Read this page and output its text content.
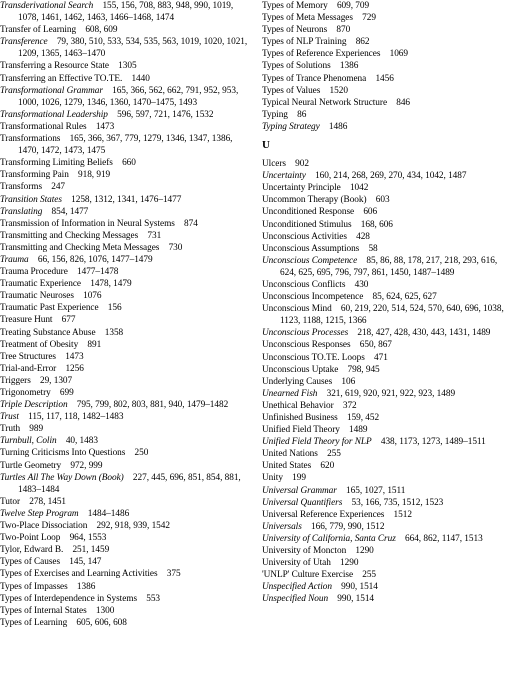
Transderivational Search   155, 156, 708, 883, 948, 990, 1019, 1078, 1461, 1462, 1463, 1466–1468, 1474
Transfer of Learning   608, 609
Transference   79, 380, 510, 533, 534, 535, 563, 1019, 1020, 1021, 1209, 1365, 1463–1470
Transferring a Resource State   1305
Transferring an Effective TO.TE.   1440
Transformational Grammar   165, 366, 562, 662, 791, 952, 953, 1000, 1026, 1279, 1346, 1360, 1470–1475, 1493
Transformational Leadership   596, 597, 721, 1476, 1532
Transformational Rules   1473
Transformations   165, 366, 367, 779, 1279, 1346, 1347, 1386, 1470, 1472, 1473, 1475
Transforming Limiting Beliefs   660
Transforming Pain   918, 919
Transforms   247
Transition States   1258, 1312, 1341, 1476–1477
Translating   854, 1477
Transmission of Information in Neural Systems   874
Transmitting and Checking Messages   731
Transmitting and Checking Meta Messages   730
Trauma   66, 156, 826, 1076, 1477–1479
Trauma Procedure   1477–1478
Traumatic Experience   1478, 1479
Traumatic Neuroses   1076
Traumatic Past Experience   156
Treasure Hunt   677
Treating Substance Abuse   1358
Treatment of Obesity   891
Tree Structures   1473
Trial-and-Error   1256
Triggers   29, 1307
Trigonometry   699
Triple Description   795, 799, 802, 803, 881, 940, 1479–1482
Trust   115, 117, 118, 1482–1483
Truth   989
Turnbull, Colin   40, 1483
Turning Criticisms Into Questions   250
Turtle Geometry   972, 999
Turtles All The Way Down (Book)   227, 445, 696, 851, 854, 881, 1483–1484
Tutor   278, 1451
Twelve Step Program   1484–1486
Two-Place Dissociation   292, 918, 939, 1542
Two-Point Loop   964, 1553
Tylor, Edward B.   251, 1459
Types of Causes   145, 147
Types of Exercises and Learning Activities   375
Types of Impasses   1386
Types of Interdependence in Systems   553
Types of Internal States   1300
Types of Learning   605, 606, 608
Types of Memory   609, 709
Types of Meta Messages   729
Types of Neurons   870
Types of NLP Training   862
Types of Reference Experiences   1069
Types of Solutions   1386
Types of Trance Phenomena   1456
Types of Values   1520
Typical Neural Network Structure   846
Typing   86
Typing Strategy   1486
U
Ulcers   902
Uncertainty   160, 214, 268, 269, 270, 434, 1042, 1487
Uncertainty Principle   1042
Uncommon Therapy (Book)   603
Unconditioned Response   606
Unconditioned Stimulus   168, 606
Unconscious Activities   428
Unconscious Assumptions   58
Unconscious Competence   85, 86, 88, 178, 217, 218, 293, 616, 624, 625, 695, 796, 797, 861, 1450, 1487–1489
Unconscious Conflicts   430
Unconscious Incompetence   85, 624, 625, 627
Unconscious Mind   60, 219, 220, 514, 524, 570, 640, 696, 1038, 1123, 1188, 1215, 1366
Unconscious Processes   218, 427, 428, 430, 443, 1431, 1489
Unconscious Responses   650, 867
Unconscious TO.TE. Loops   471
Unconscious Uptake   798, 945
Underlying Causes   106
Unearned Fish   321, 619, 920, 921, 922, 923, 1489
Unethical Behavior   372
Unfinished Business   159, 452
Unified Field Theory   1489
Unified Field Theory for NLP   438, 1173, 1273, 1489–1511
United Nations   255
United States   620
Unity   199
Universal Grammar   165, 1027, 1511
Universal Quantifiers   53, 166, 735, 1512, 1523
Universal Reference Experiences   1512
Universals   166, 779, 990, 1512
University of California, Santa Cruz   664, 862, 1147, 1513
University of Moncton   1290
University of Utah   1290
'UNLP' Culture Exercise   255
Unspecified Action   990, 1514
Unspecified Noun   990, 1514
